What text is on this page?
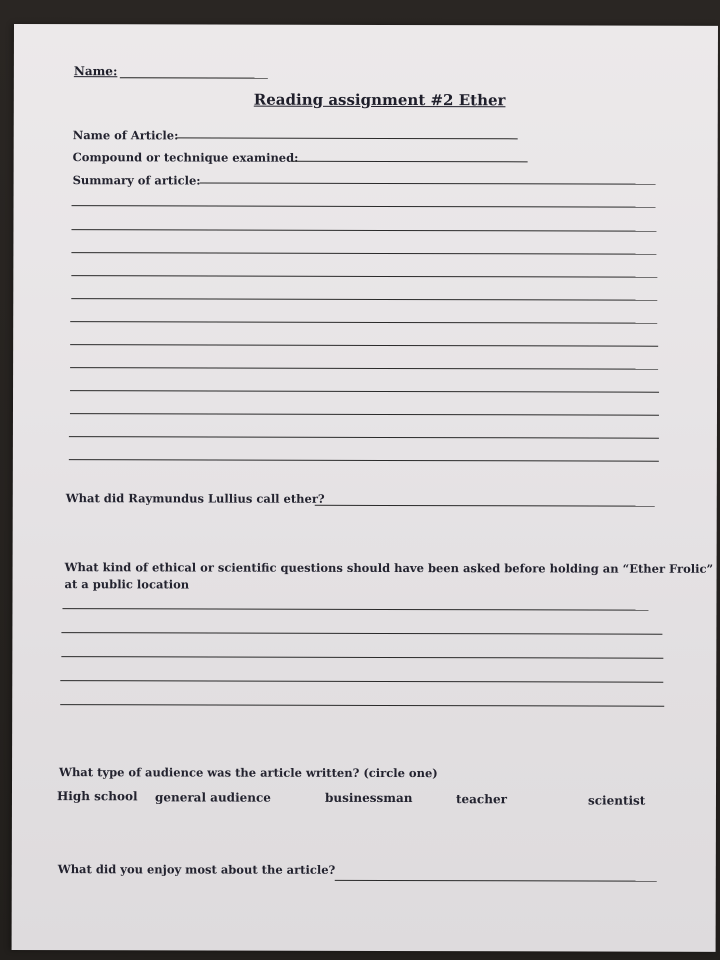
Name:
Reading assignment #2 Ether
Name of Article:
Compound or technique examined:
Summary of article:
What did Raymundus Lullius call ether?
What kind of ethical or scientific questions should have been asked before holding an “Ether Frolic”
at a public location
What type of audience was the article written? (circle one)
High school general audience	businessman	teacher	scientist
What did you enjoy most about the article?
